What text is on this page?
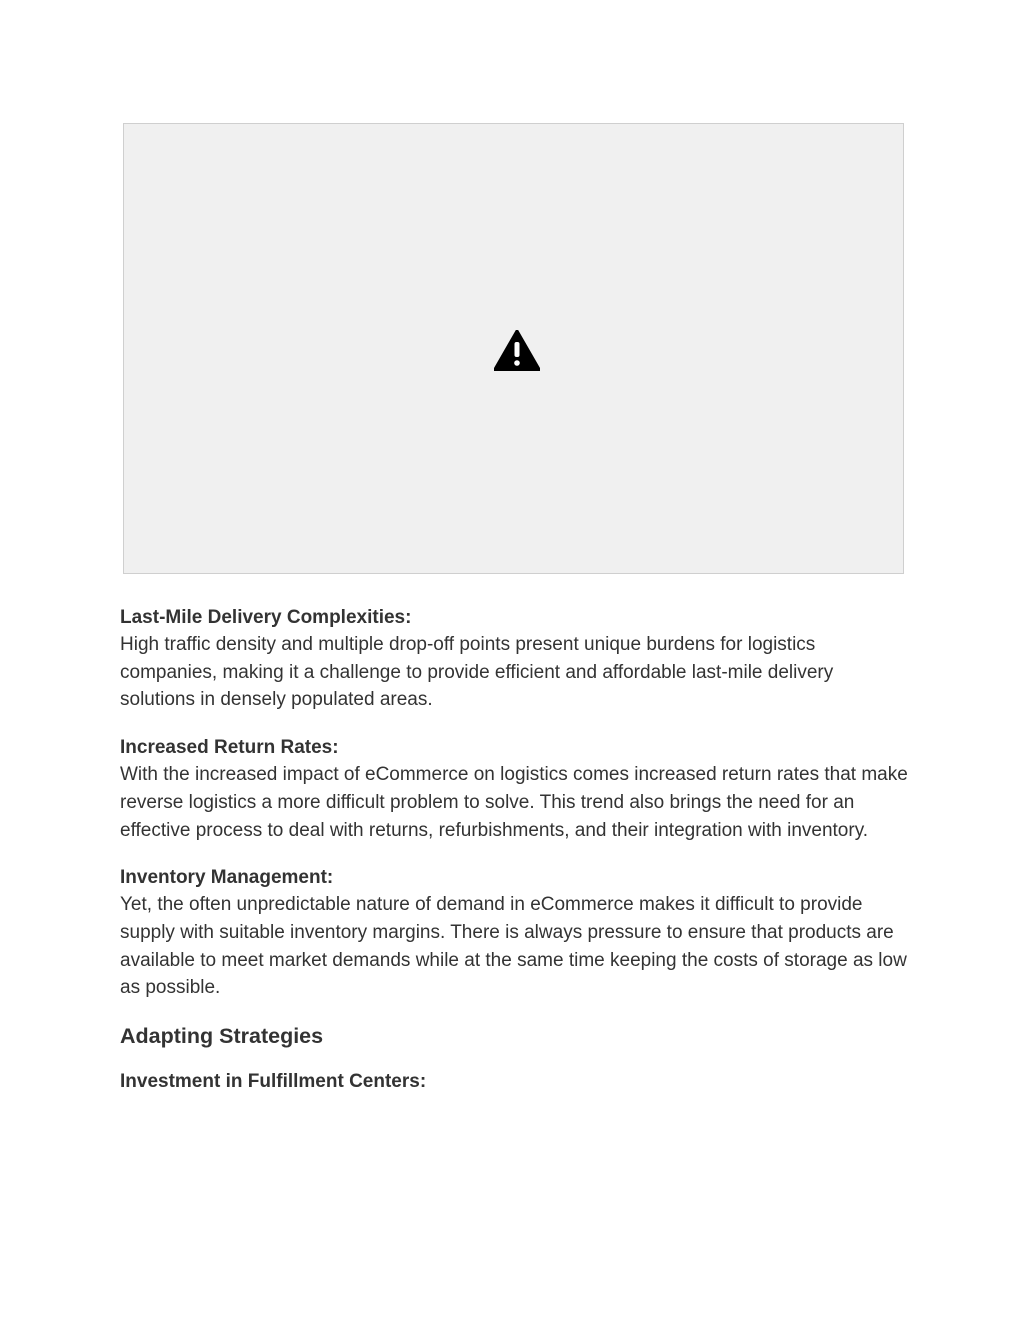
Last-Mile Delivery Complexities:
High traffic density and multiple drop-off points present unique burdens for logistics companies, making it a challenge to provide efficient and affordable last-mile delivery solutions in densely populated areas.
Increased Return Rates:
With the increased impact of eCommerce on logistics comes increased return rates that make reverse logistics a more difficult problem to solve. This trend also brings the need for an effective process to deal with returns, refurbishments, and their integration with inventory.
Inventory Management:
Yet, the often unpredictable nature of demand in eCommerce makes it difficult to provide supply with suitable inventory margins. There is always pressure to ensure that products are available to meet market demands while at the same time keeping the costs of storage as low as possible.
Adapting Strategies
Investment in Fulfillment Centers:
